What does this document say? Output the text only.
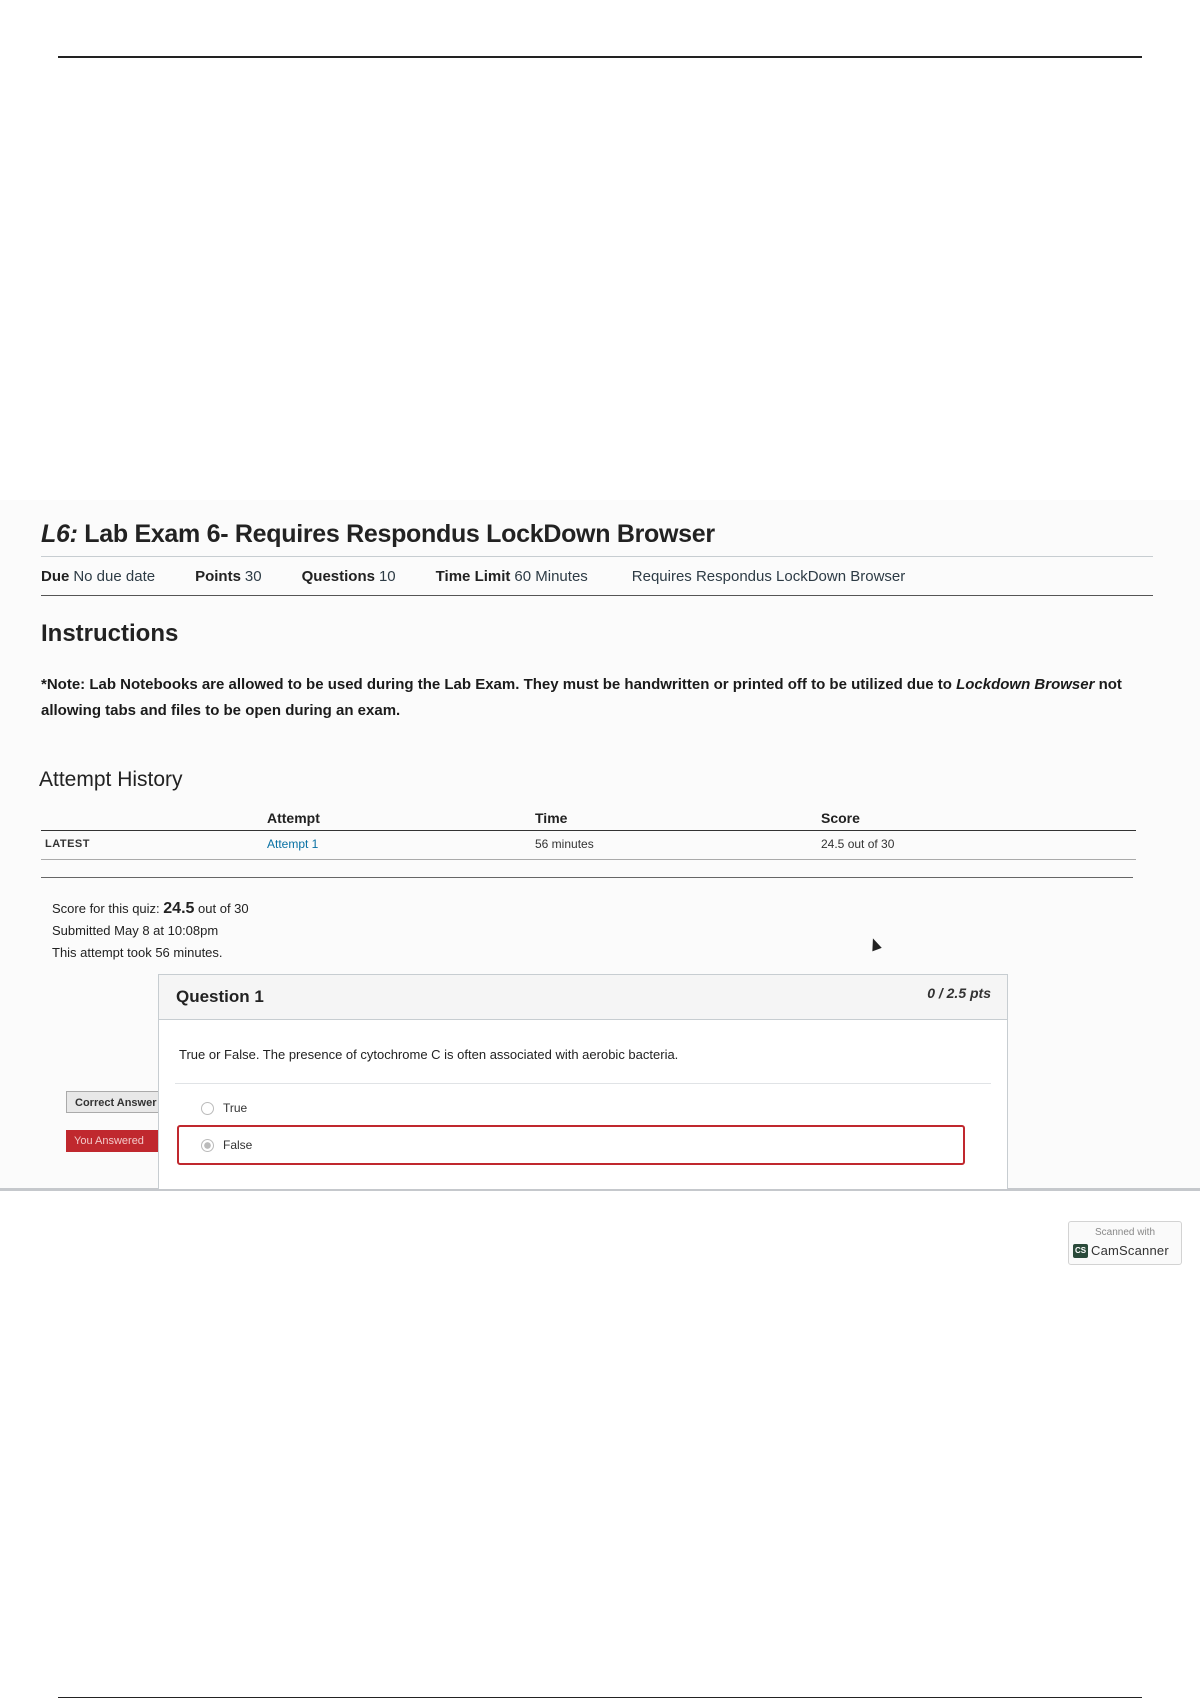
L6: Lab Exam 6- Requires Respondus LockDown Browser
Due No due date	Points 30	Questions 10	Time Limit 60 Minutes	Requires Respondus LockDown Browser
Instructions

*Note: Lab Notebooks are allowed to be used during the Lab Exam. They must be handwritten or printed off to be utilized due to Lockdown Browser not allowing tabs and files to be open during an exam.

Attempt History
	Attempt	Time	Score
LATEST	Attempt 1	56 minutes	24.5 out of 30
Score for this quiz: 24.5 out of 30
Submitted May 8 at 10:08pm
This attempt took 56 minutes.
Correct Answer
You Answered
Question 1	0 / 2.5 pts

True or False. The presence of cytochrome C is often associated with aerobic bacteria.

True
False
Scanned with
CS CamScanner
